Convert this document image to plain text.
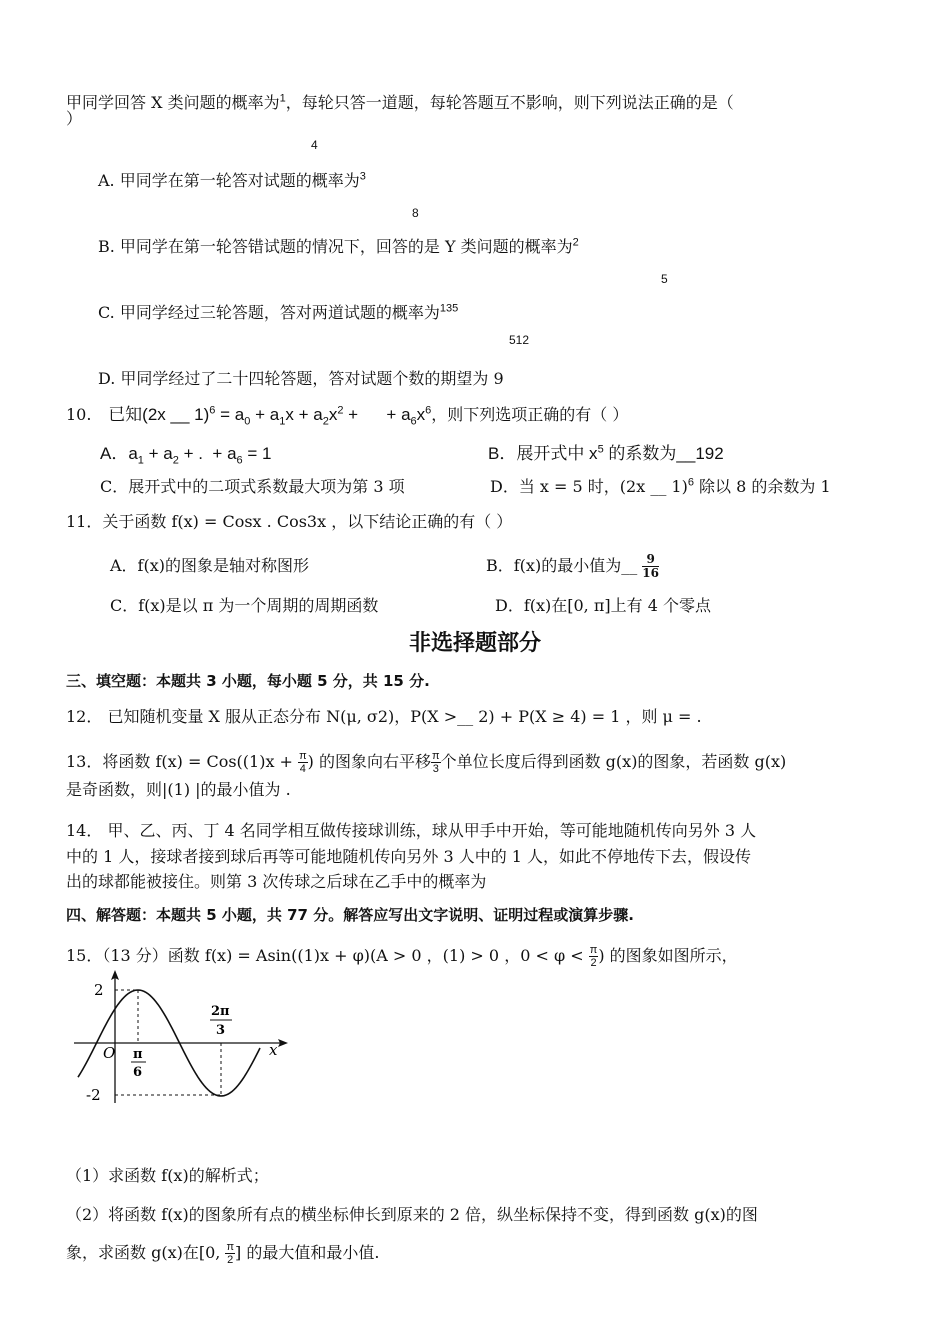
甲同学回答 X 类问题的概率为$^1$，每轮只答一道题，每轮答题互不影响，则下列说法正确的是（
）
4
A. 甲同学在第一轮答对试题的概率为$^3$
8
B. 甲同学在第一轮答错试题的情况下，回答的是 Y 类问题的概率为$^2$
5
C. 甲同学经过三轮答题，答对两道试题的概率为$^{135}$
512
D. 甲同学经过了二十四轮答题，答对试题个数的期望为 9
10. 已知(2x __ $1)^6 = a_0 + a_1x + a_2x^2$ +      + $a_6x^6$，则下列选项正确的有（ ）
A．$a_1 + a_2$ + .  + $a_6 = 1$	B．展开式中 $x^5$ 的系数为__192
C．展开式中的二项式系数最大项为第 3 项	D．当 x = 5 时，(2x __ 1)$^6$ 除以 8 的余数为 1
11．关于函数 f(x) = Cosx . Cos3x ，以下结论正确的有（ ）
A．f(x)的图象是轴对称图形	B．f(x)的最小值为__ $\frac{9}{16}$
C．f(x)是以 π 为一个周期的周期函数	D．f(x)在[0, π]上有 4 个零点
非选择题部分
三、填空题：本题共 3 小题，每小题 5 分，共 15 分.
12． 已知随机变量 X 服从正态分布 N(μ, σ2)，P(X >__ 2) + P(X ≥ 4) = 1 ，则 μ = .
13．将函数 $f(x) = Cos((1)x + \frac{\pi}{4}$ ) 的图象向右平移 $\frac{\pi}{3}$ 个单位长度后得到函数 g(x)的图象，若函数 g(x)
是奇函数，则|(1) |的最小值为 .
14． 甲、乙、丙、丁 4 名同学相互做传接球训练，球从甲手中开始，等可能地随机传向另外 3 人
中的 1 人，接球者接到球后再等可能地随机传向另外 3 人中的 1 人，如此不停地传下去，假设传
出的球都能被接住。则第 3 次传球之后球在乙手中的概率为
四、解答题：本题共 5 小题，共 77 分。解答应写出文字说明、证明过程或演算步骤.
15．（13 分）函数 f(x) = Asin((1)x + φ)(A > 0 ，(1) > 0 ，$0 < \varphi < \frac{\pi}{2}$ ) 的图象如图所示，
2
-2
O	x
π
6
2π
3
（1）求函数 f(x)的解析式；
（2）将函数 f(x)的图象所有点的横坐标伸长到原来的 2 倍，纵坐标保持不变，得到函数 g(x)的图
象，求函数 g(x)在[0, $\frac{\pi}{2}$ ] 的最大值和最小值.
